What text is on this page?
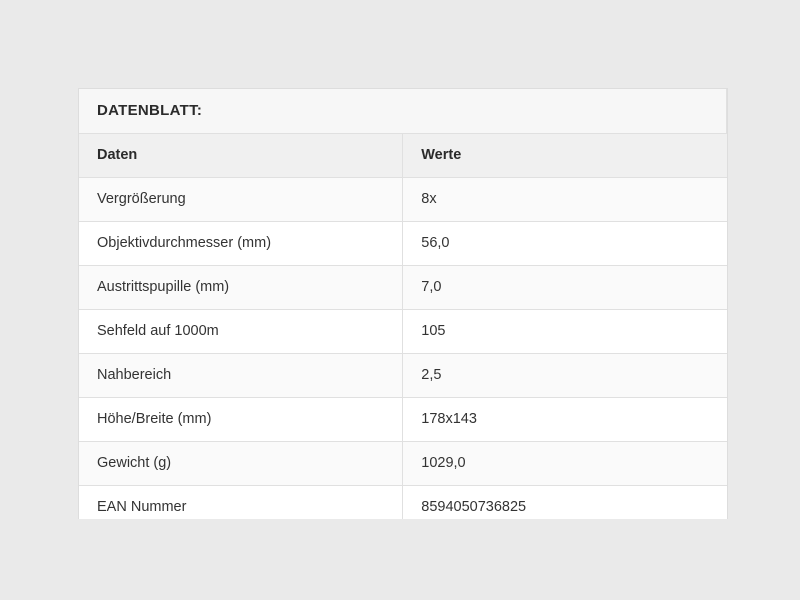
DATENBLATT:	
Daten	Werte
Vergrößerung	8x
Objektivdurchmesser (mm)	56,0
Austrittspupille (mm)	7,0
Sehfeld auf 1000m	105
Nahbereich	2,5
Höhe/Breite (mm)	178x143
Gewicht (g)	1029,0
EAN Nummer	8594050736825
